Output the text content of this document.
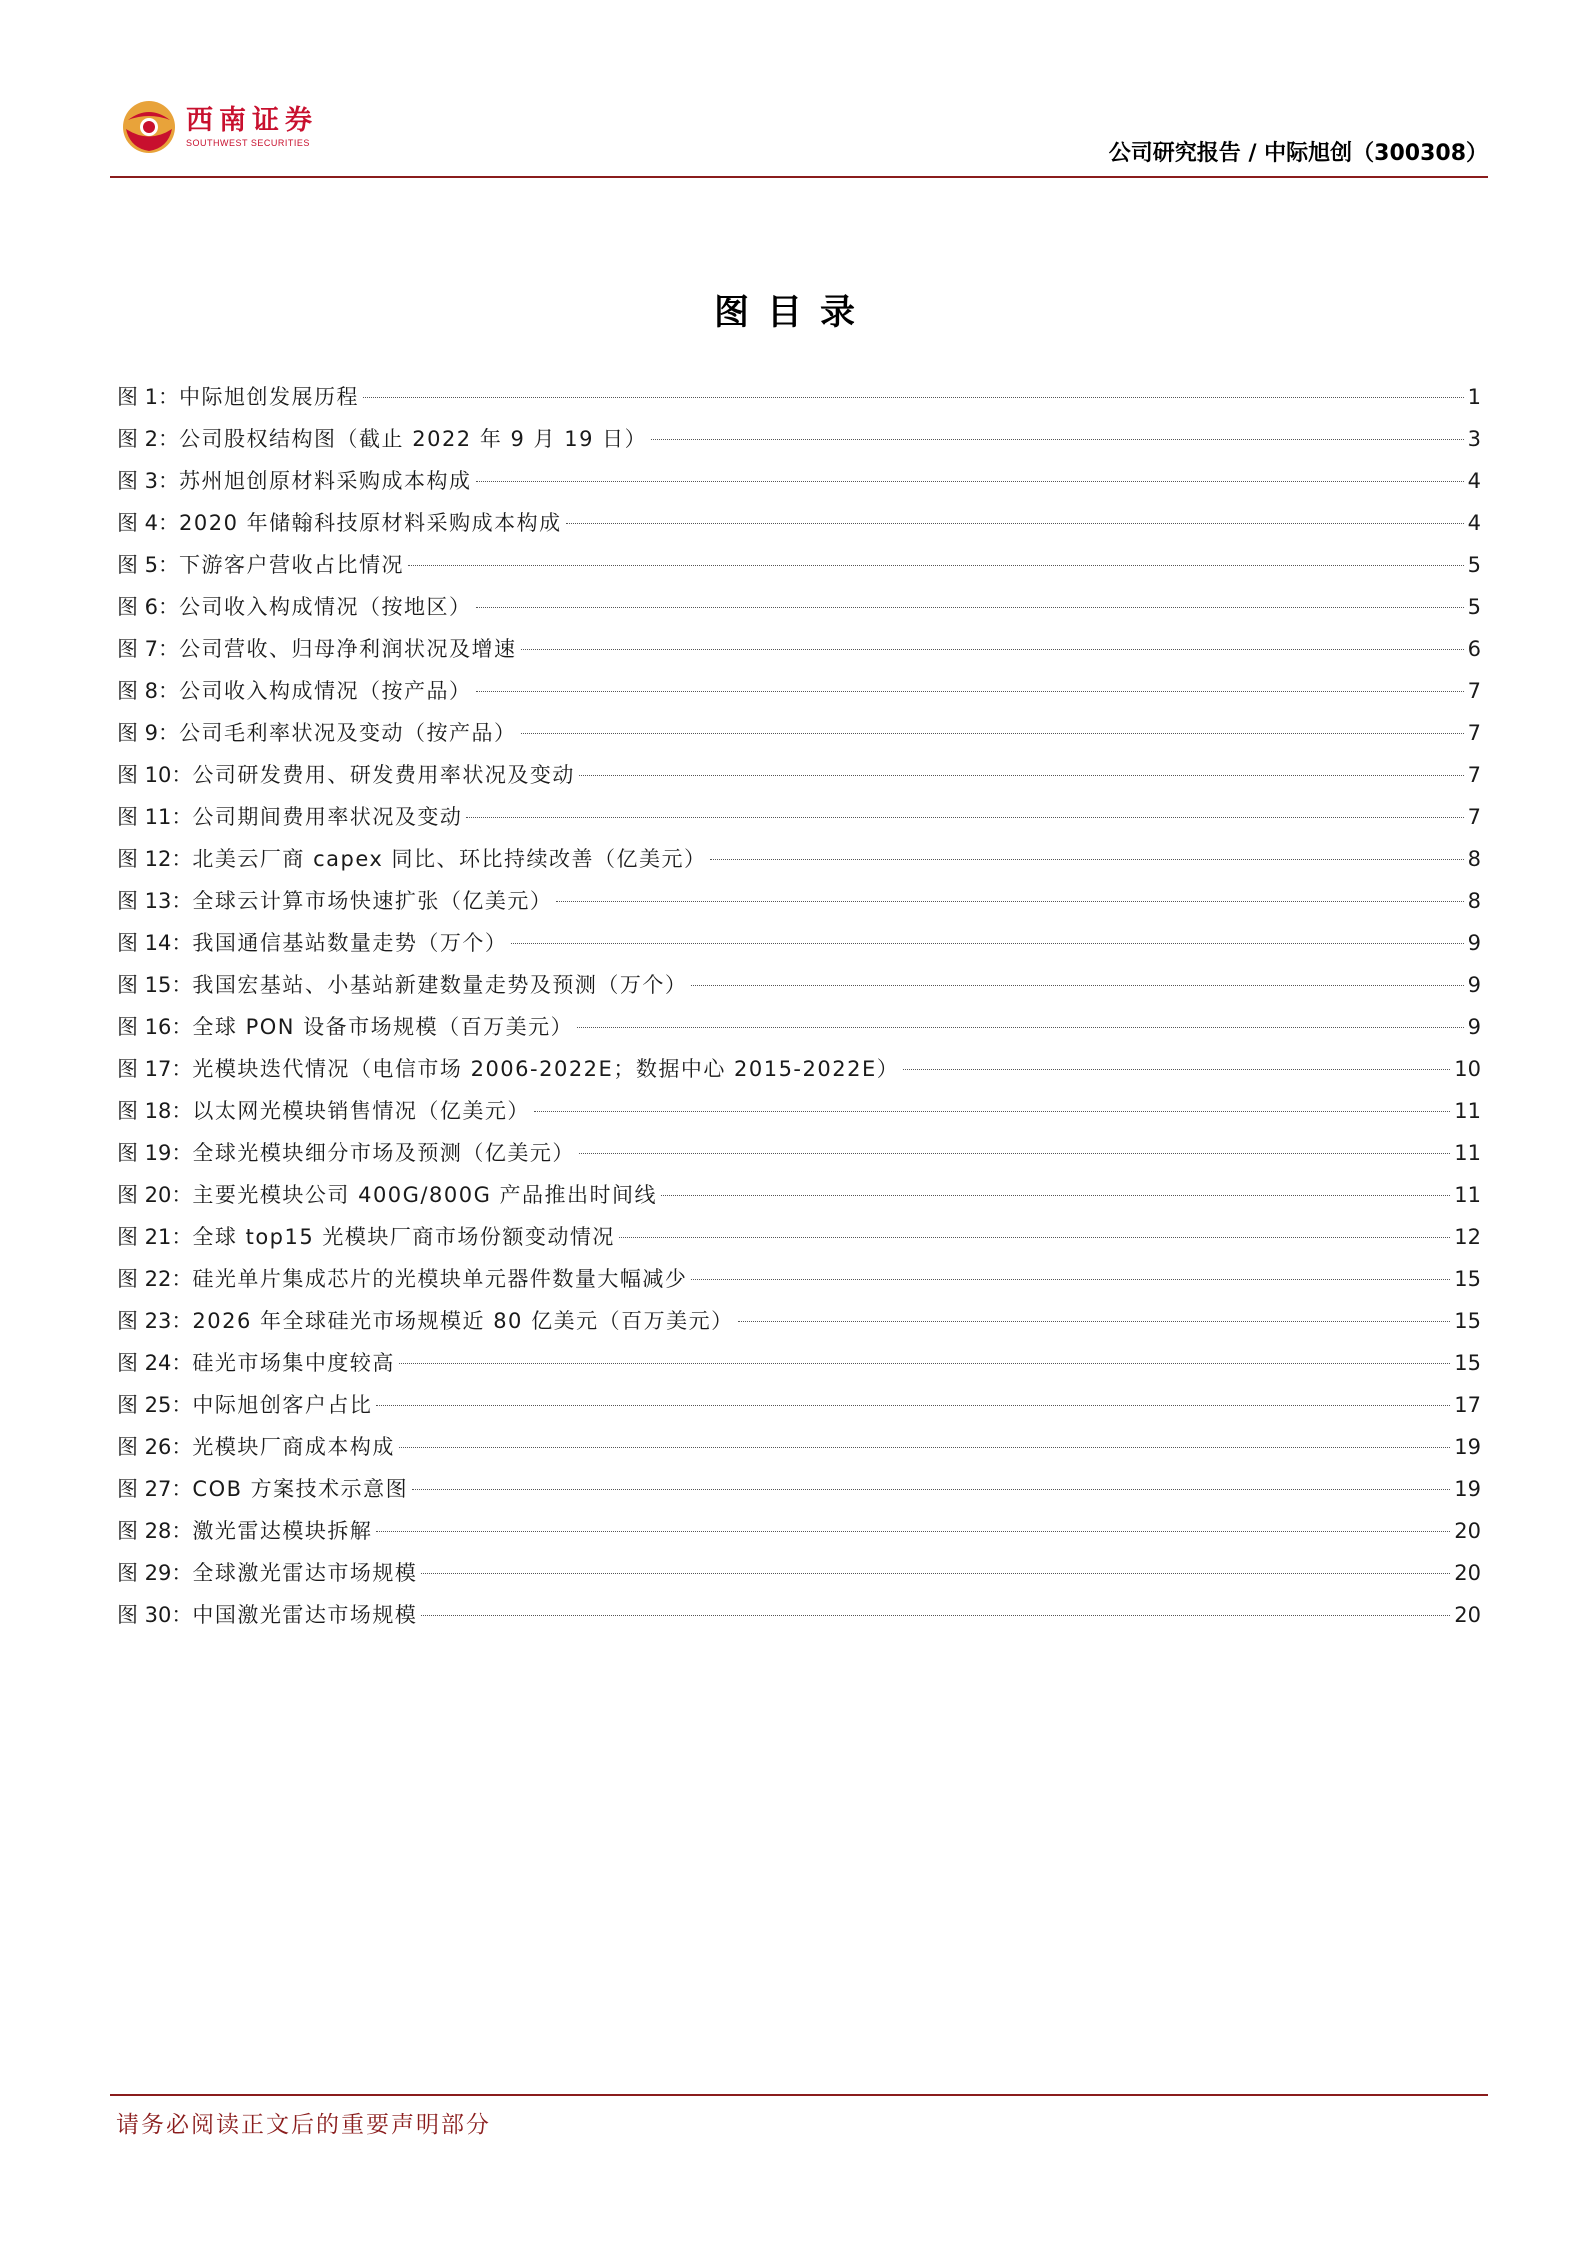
西南证券
SOUTHWEST SECURITIES	公司研究报告 / 中际旭创（300308）
图目录
图 1： 中际旭创发展历程	1
图 2： 公司股权结构图（截止 2022 年 9 月 19 日）	3
图 3： 苏州旭创原材料采购成本构成	4
图 4： 2020 年储翰科技原材料采购成本构成	4
图 5： 下游客户营收占比情况	5
图 6： 公司收入构成情况（按地区）	5
图 7： 公司营收、归母净利润状况及增速	6
图 8： 公司收入构成情况（按产品）	7
图 9： 公司毛利率状况及变动（按产品）	7
图 10： 公司研发费用、研发费用率状况及变动	7
图 11： 公司期间费用率状况及变动	7
图 12： 北美云厂商 capex 同比、环比持续改善（亿美元）	8
图 13： 全球云计算市场快速扩张（亿美元）	8
图 14： 我国通信基站数量走势（万个）	9
图 15： 我国宏基站、小基站新建数量走势及预测（万个）	9
图 16： 全球 PON 设备市场规模（百万美元）	9
图 17： 光模块迭代情况（电信市场 2006-2022E；数据中心 2015-2022E）	10
图 18： 以太网光模块销售情况（亿美元）	11
图 19： 全球光模块细分市场及预测（亿美元）	11
图 20： 主要光模块公司 400G/800G 产品推出时间线	11
图 21： 全球 top15 光模块厂商市场份额变动情况	12
图 22： 硅光单片集成芯片的光模块单元器件数量大幅减少	15
图 23： 2026 年全球硅光市场规模近 80 亿美元（百万美元）	15
图 24： 硅光市场集中度较高	15
图 25： 中际旭创客户占比	17
图 26： 光模块厂商成本构成	19
图 27： COB 方案技术示意图	19
图 28： 激光雷达模块拆解	20
图 29： 全球激光雷达市场规模	20
图 30： 中国激光雷达市场规模	20
请务必阅读正文后的重要声明部分
